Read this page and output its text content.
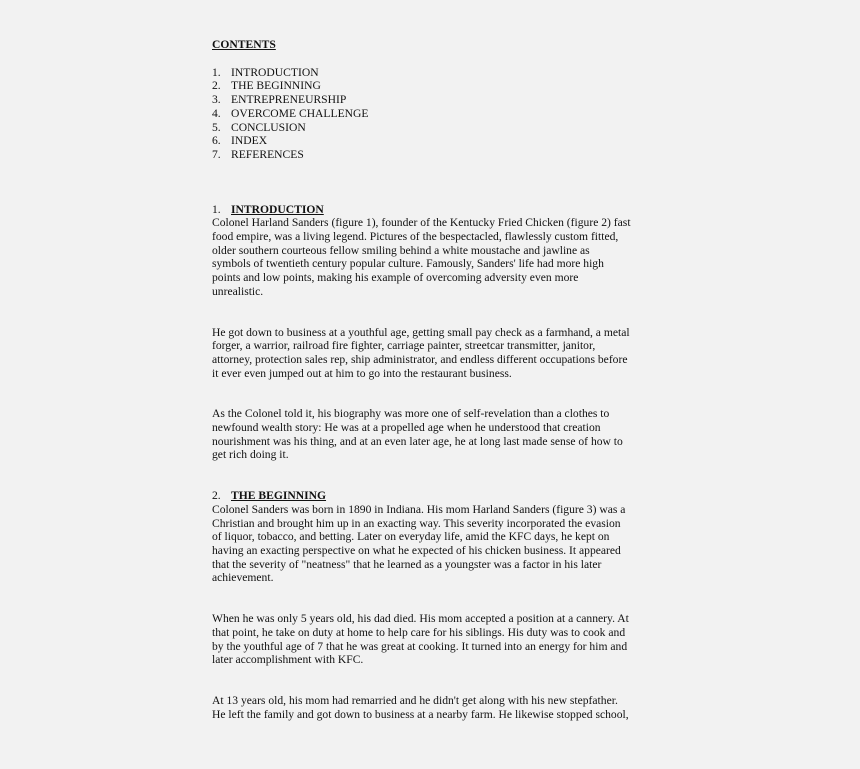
CONTENTS
1. INTRODUCTION
2. THE BEGINNING
3. ENTREPRENEURSHIP
4. OVERCOME CHALLENGE
5. CONCLUSION
6. INDEX
7. REFERENCES
1. INTRODUCTION

Colonel Harland Sanders (figure 1), founder of the Kentucky Fried Chicken (figure 2) fast
food empire, was a living legend. Pictures of the bespectacled, flawlessly custom fitted,
older southern courteous fellow smiling behind a white moustache and jawline as
symbols of twentieth century popular culture. Famously, Sanders' life had more high
points and low points, making his example of overcoming adversity even more
unrealistic.

He got down to business at a youthful age, getting small pay check as a farmhand, a metal
forger, a warrior, railroad fire fighter, carriage painter, streetcar transmitter, janitor,
attorney, protection sales rep, ship administrator, and endless different occupations before
it ever even jumped out at him to go into the restaurant business.

As the Colonel told it, his biography was more one of self-revelation than a clothes to
newfound wealth story: He was at a propelled age when he understood that creation
nourishment was his thing, and at an even later age, he at long last made sense of how to
get rich doing it.

2. THE BEGINNING

Colonel Sanders was born in 1890 in Indiana. His mom Harland Sanders (figure 3) was a
Christian and brought him up in an exacting way. This severity incorporated the evasion
of liquor, tobacco, and betting. Later on everyday life, amid the KFC days, he kept on
having an exacting perspective on what he expected of his chicken business. It appeared
that the severity of "neatness" that he learned as a youngster was a factor in his later
achievement.

When he was only 5 years old, his dad died. His mom accepted a position at a cannery. At
that point, he take on duty at home to help care for his siblings. His duty was to cook and
by the youthful age of 7 that he was great at cooking. It turned into an energy for him and
later accomplishment with KFC.

At 13 years old, his mom had remarried and he didn't get along with his new stepfather.
He left the family and got down to business at a nearby farm. He likewise stopped school,
